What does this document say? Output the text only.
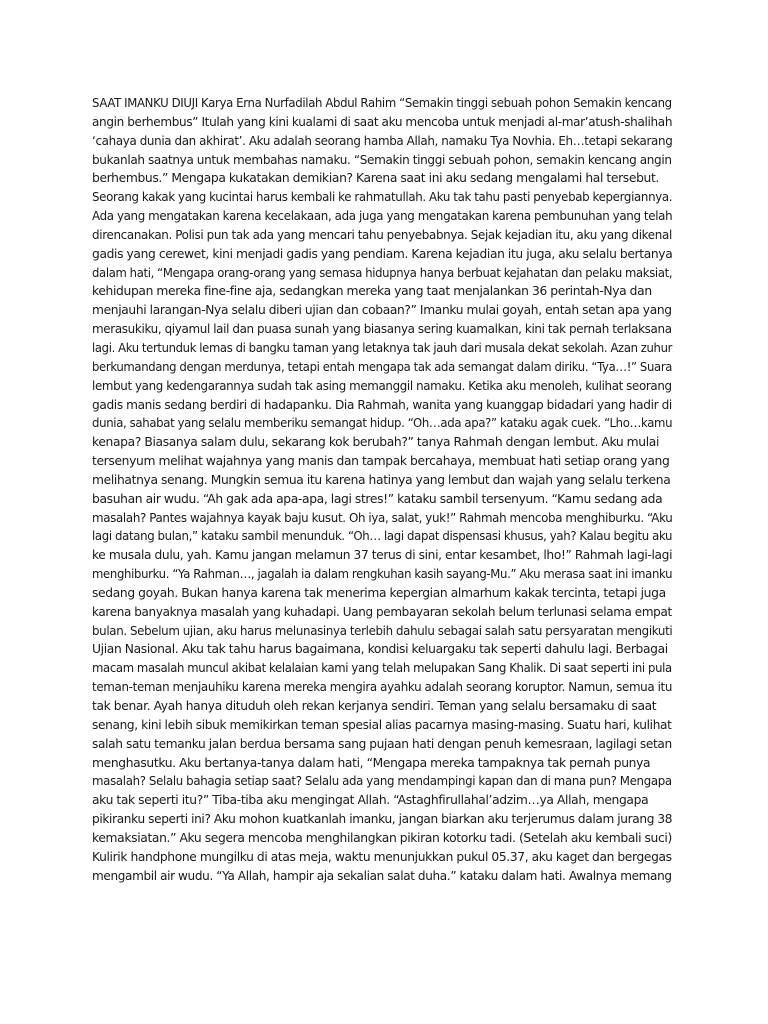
SAAT IMANKU DIUJI Karya Erna Nurfadilah Abdul Rahim “Semakin tinggi sebuah pohon Semakin kencang
angin berhembus” Itulah yang kini kualami di saat aku mencoba untuk menjadi al-mar’atush-shalihah
‘cahaya dunia dan akhirat’. Aku adalah seorang hamba Allah, namaku Tya Novhia. Eh…tetapi sekarang
bukanlah saatnya untuk membahas namaku. “Semakin tinggi sebuah pohon, semakin kencang angin
berhembus.” Mengapa kukatakan demikian? Karena saat ini aku sedang mengalami hal tersebut.
Seorang kakak yang kucintai harus kembali ke rahmatullah. Aku tak tahu pasti penyebab kepergiannya.
Ada yang mengatakan karena kecelakaan, ada juga yang mengatakan karena pembunuhan yang telah
direncanakan. Polisi pun tak ada yang mencari tahu penyebabnya. Sejak kejadian itu, aku yang dikenal
gadis yang cerewet, kini menjadi gadis yang pendiam. Karena kejadian itu juga, aku selalu bertanya
dalam hati, “Mengapa orang-orang yang semasa hidupnya hanya berbuat kejahatan dan pelaku maksiat,
kehidupan mereka fine-fine aja, sedangkan mereka yang taat menjalankan 36 perintah-Nya dan
menjauhi larangan-Nya selalu diberi ujian dan cobaan?” Imanku mulai goyah, entah setan apa yang
merasukiku, qiyamul lail dan puasa sunah yang biasanya sering kuamalkan, kini tak pernah terlaksana
lagi. Aku tertunduk lemas di bangku taman yang letaknya tak jauh dari musala dekat sekolah. Azan zuhur
berkumandang dengan merdunya, tetapi entah mengapa tak ada semangat dalam diriku. “Tya…!” Suara
lembut yang kedengarannya sudah tak asing memanggil namaku. Ketika aku menoleh, kulihat seorang
gadis manis sedang berdiri di hadapanku. Dia Rahmah, wanita yang kuanggap bidadari yang hadir di
dunia, sahabat yang selalu memberiku semangat hidup. “Oh…ada apa?” kataku agak cuek. “Lho…kamu
kenapa? Biasanya salam dulu, sekarang kok berubah?” tanya Rahmah dengan lembut. Aku mulai
tersenyum melihat wajahnya yang manis dan tampak bercahaya, membuat hati setiap orang yang
melihatnya senang. Mungkin semua itu karena hatinya yang lembut dan wajah yang selalu terkena
basuhan air wudu. “Ah gak ada apa-apa, lagi stres!” kataku sambil tersenyum. “Kamu sedang ada
masalah? Pantes wajahnya kayak baju kusut. Oh iya, salat, yuk!” Rahmah mencoba menghiburku. “Aku
lagi datang bulan,” kataku sambil menunduk. “Oh… lagi dapat dispensasi khusus, yah? Kalau begitu aku
ke musala dulu, yah. Kamu jangan melamun 37 terus di sini, entar kesambet, lho!” Rahmah lagi-lagi
menghiburku. “Ya Rahman…, jagalah ia dalam rengkuhan kasih sayang-Mu.” Aku merasa saat ini imanku
sedang goyah. Bukan hanya karena tak menerima kepergian almarhum kakak tercinta, tetapi juga
karena banyaknya masalah yang kuhadapi. Uang pembayaran sekolah belum terlunasi selama empat
bulan. Sebelum ujian, aku harus melunasinya terlebih dahulu sebagai salah satu persyaratan mengikuti
Ujian Nasional. Aku tak tahu harus bagaimana, kondisi keluargaku tak seperti dahulu lagi. Berbagai
macam masalah muncul akibat kelalaian kami yang telah melupakan Sang Khalik. Di saat seperti ini pula
teman-teman menjauhiku karena mereka mengira ayahku adalah seorang koruptor. Namun, semua itu
tak benar. Ayah hanya dituduh oleh rekan kerjanya sendiri. Teman yang selalu bersamaku di saat
senang, kini lebih sibuk memikirkan teman spesial alias pacarnya masing-masing. Suatu hari, kulihat
salah satu temanku jalan berdua bersama sang pujaan hati dengan penuh kemesraan, lagilagi setan
menghasutku. Aku bertanya-tanya dalam hati, “Mengapa mereka tampaknya tak pernah punya
masalah? Selalu bahagia setiap saat? Selalu ada yang mendampingi kapan dan di mana pun? Mengapa
aku tak seperti itu?” Tiba-tiba aku mengingat Allah. “Astaghfirullahal’adzim…ya Allah, mengapa
pikiranku seperti ini? Aku mohon kuatkanlah imanku, jangan biarkan aku terjerumus dalam jurang 38
kemaksiatan.” Aku segera mencoba menghilangkan pikiran kotorku tadi. (Setelah aku kembali suci)
Kulirik handphone mungilku di atas meja, waktu menunjukkan pukul 05.37, aku kaget dan bergegas
mengambil air wudu. “Ya Allah, hampir aja sekalian salat duha.” kataku dalam hati. Awalnya memang
